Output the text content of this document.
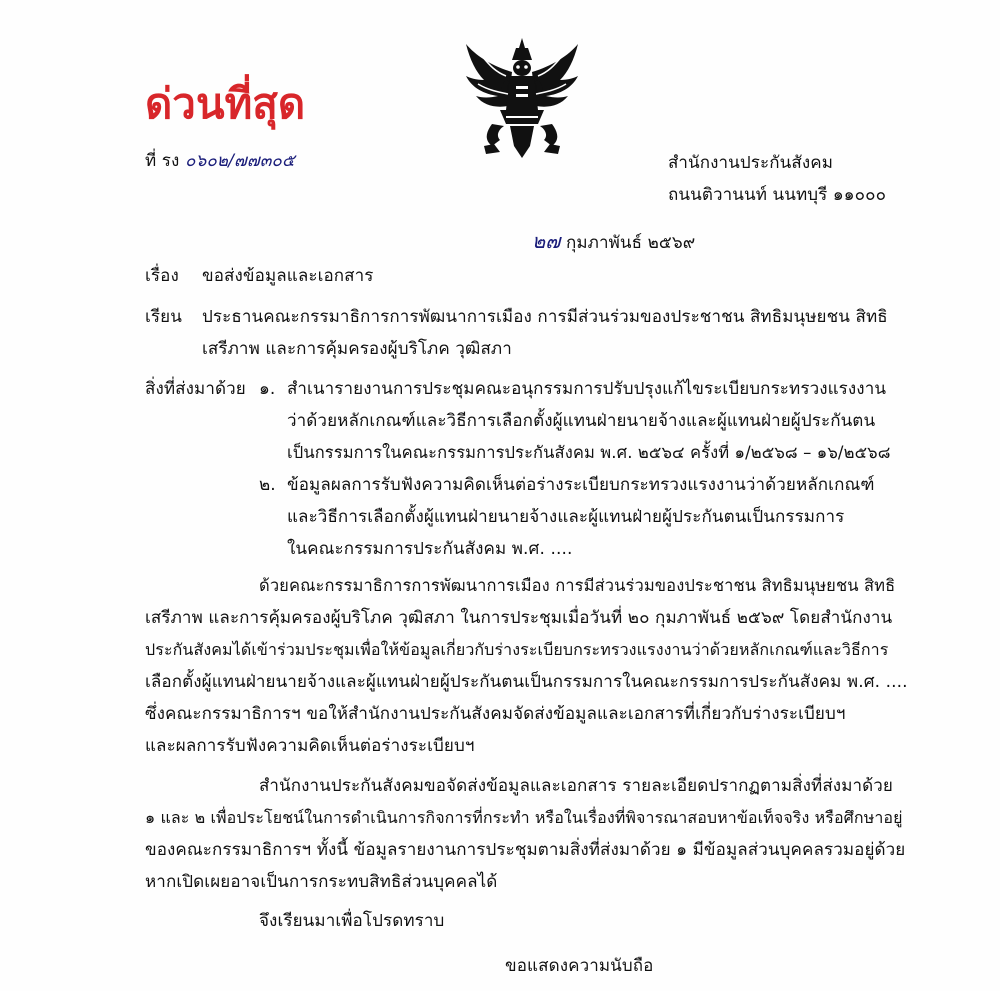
ด่วนที่สุด
ที่ รง ๐๖๐๒/๗๗๓๐๕	สำนักงานประกันสังคม
ถนนติวานนท์ นนทบุรี ๑๑๐๐๐
๒๗ กุมภาพันธ์ ๒๕๖๙
เรื่อง ขอส่งข้อมูลและเอกสาร
เรียน ประธานคณะกรรมาธิการการพัฒนาการเมือง การมีส่วนร่วมของประชาชน สิทธิมนุษยชน สิทธิ
เสรีภาพ และการคุ้มครองผู้บริโภค วุฒิสภา
สิ่งที่ส่งมาด้วย ๑. สำเนารายงานการประชุมคณะอนุกรรมการปรับปรุงแก้ไขระเบียบกระทรวงแรงงาน
ว่าด้วยหลักเกณฑ์และวิธีการเลือกตั้งผู้แทนฝ่ายนายจ้างและผู้แทนฝ่ายผู้ประกันตน
เป็นกรรมการในคณะกรรมการประกันสังคม พ.ศ. ๒๕๖๔ ครั้งที่ ๑/๒๕๖๘ – ๑๖/๒๕๖๘
๒. ข้อมูลผลการรับฟังความคิดเห็นต่อร่างระเบียบกระทรวงแรงงานว่าด้วยหลักเกณฑ์
และวิธีการเลือกตั้งผู้แทนฝ่ายนายจ้างและผู้แทนฝ่ายผู้ประกันตนเป็นกรรมการ
ในคณะกรรมการประกันสังคม พ.ศ. ....
ด้วยคณะกรรมาธิการการพัฒนาการเมือง การมีส่วนร่วมของประชาชน สิทธิมนุษยชน สิทธิ
เสรีภาพ และการคุ้มครองผู้บริโภค วุฒิสภา ในการประชุมเมื่อวันที่ ๒๐ กุมภาพันธ์ ๒๕๖๙ โดยสำนักงาน
ประกันสังคมได้เข้าร่วมประชุมเพื่อให้ข้อมูลเกี่ยวกับร่างระเบียบกระทรวงแรงงานว่าด้วยหลักเกณฑ์และวิธีการ
เลือกตั้งผู้แทนฝ่ายนายจ้างและผู้แทนฝ่ายผู้ประกันตนเป็นกรรมการในคณะกรรมการประกันสังคม พ.ศ. ....
ซึ่งคณะกรรมาธิการฯ ขอให้สำนักงานประกันสังคมจัดส่งข้อมูลและเอกสารที่เกี่ยวกับร่างระเบียบฯ
และผลการรับฟังความคิดเห็นต่อร่างระเบียบฯ
สำนักงานประกันสังคมขอจัดส่งข้อมูลและเอกสาร รายละเอียดปรากฏตามสิ่งที่ส่งมาด้วย
๑ และ ๒ เพื่อประโยชน์ในการดำเนินการกิจการที่กระทำ หรือในเรื่องที่พิจารณาสอบหาข้อเท็จจริง หรือศึกษาอยู่
ของคณะกรรมาธิการฯ ทั้งนี้ ข้อมูลรายงานการประชุมตามสิ่งที่ส่งมาด้วย ๑ มีข้อมูลส่วนบุคคลรวมอยู่ด้วย
หากเปิดเผยอาจเป็นการกระทบสิทธิส่วนบุคคลได้
จึงเรียนมาเพื่อโปรดทราบ
ขอแสดงความนับถือ
